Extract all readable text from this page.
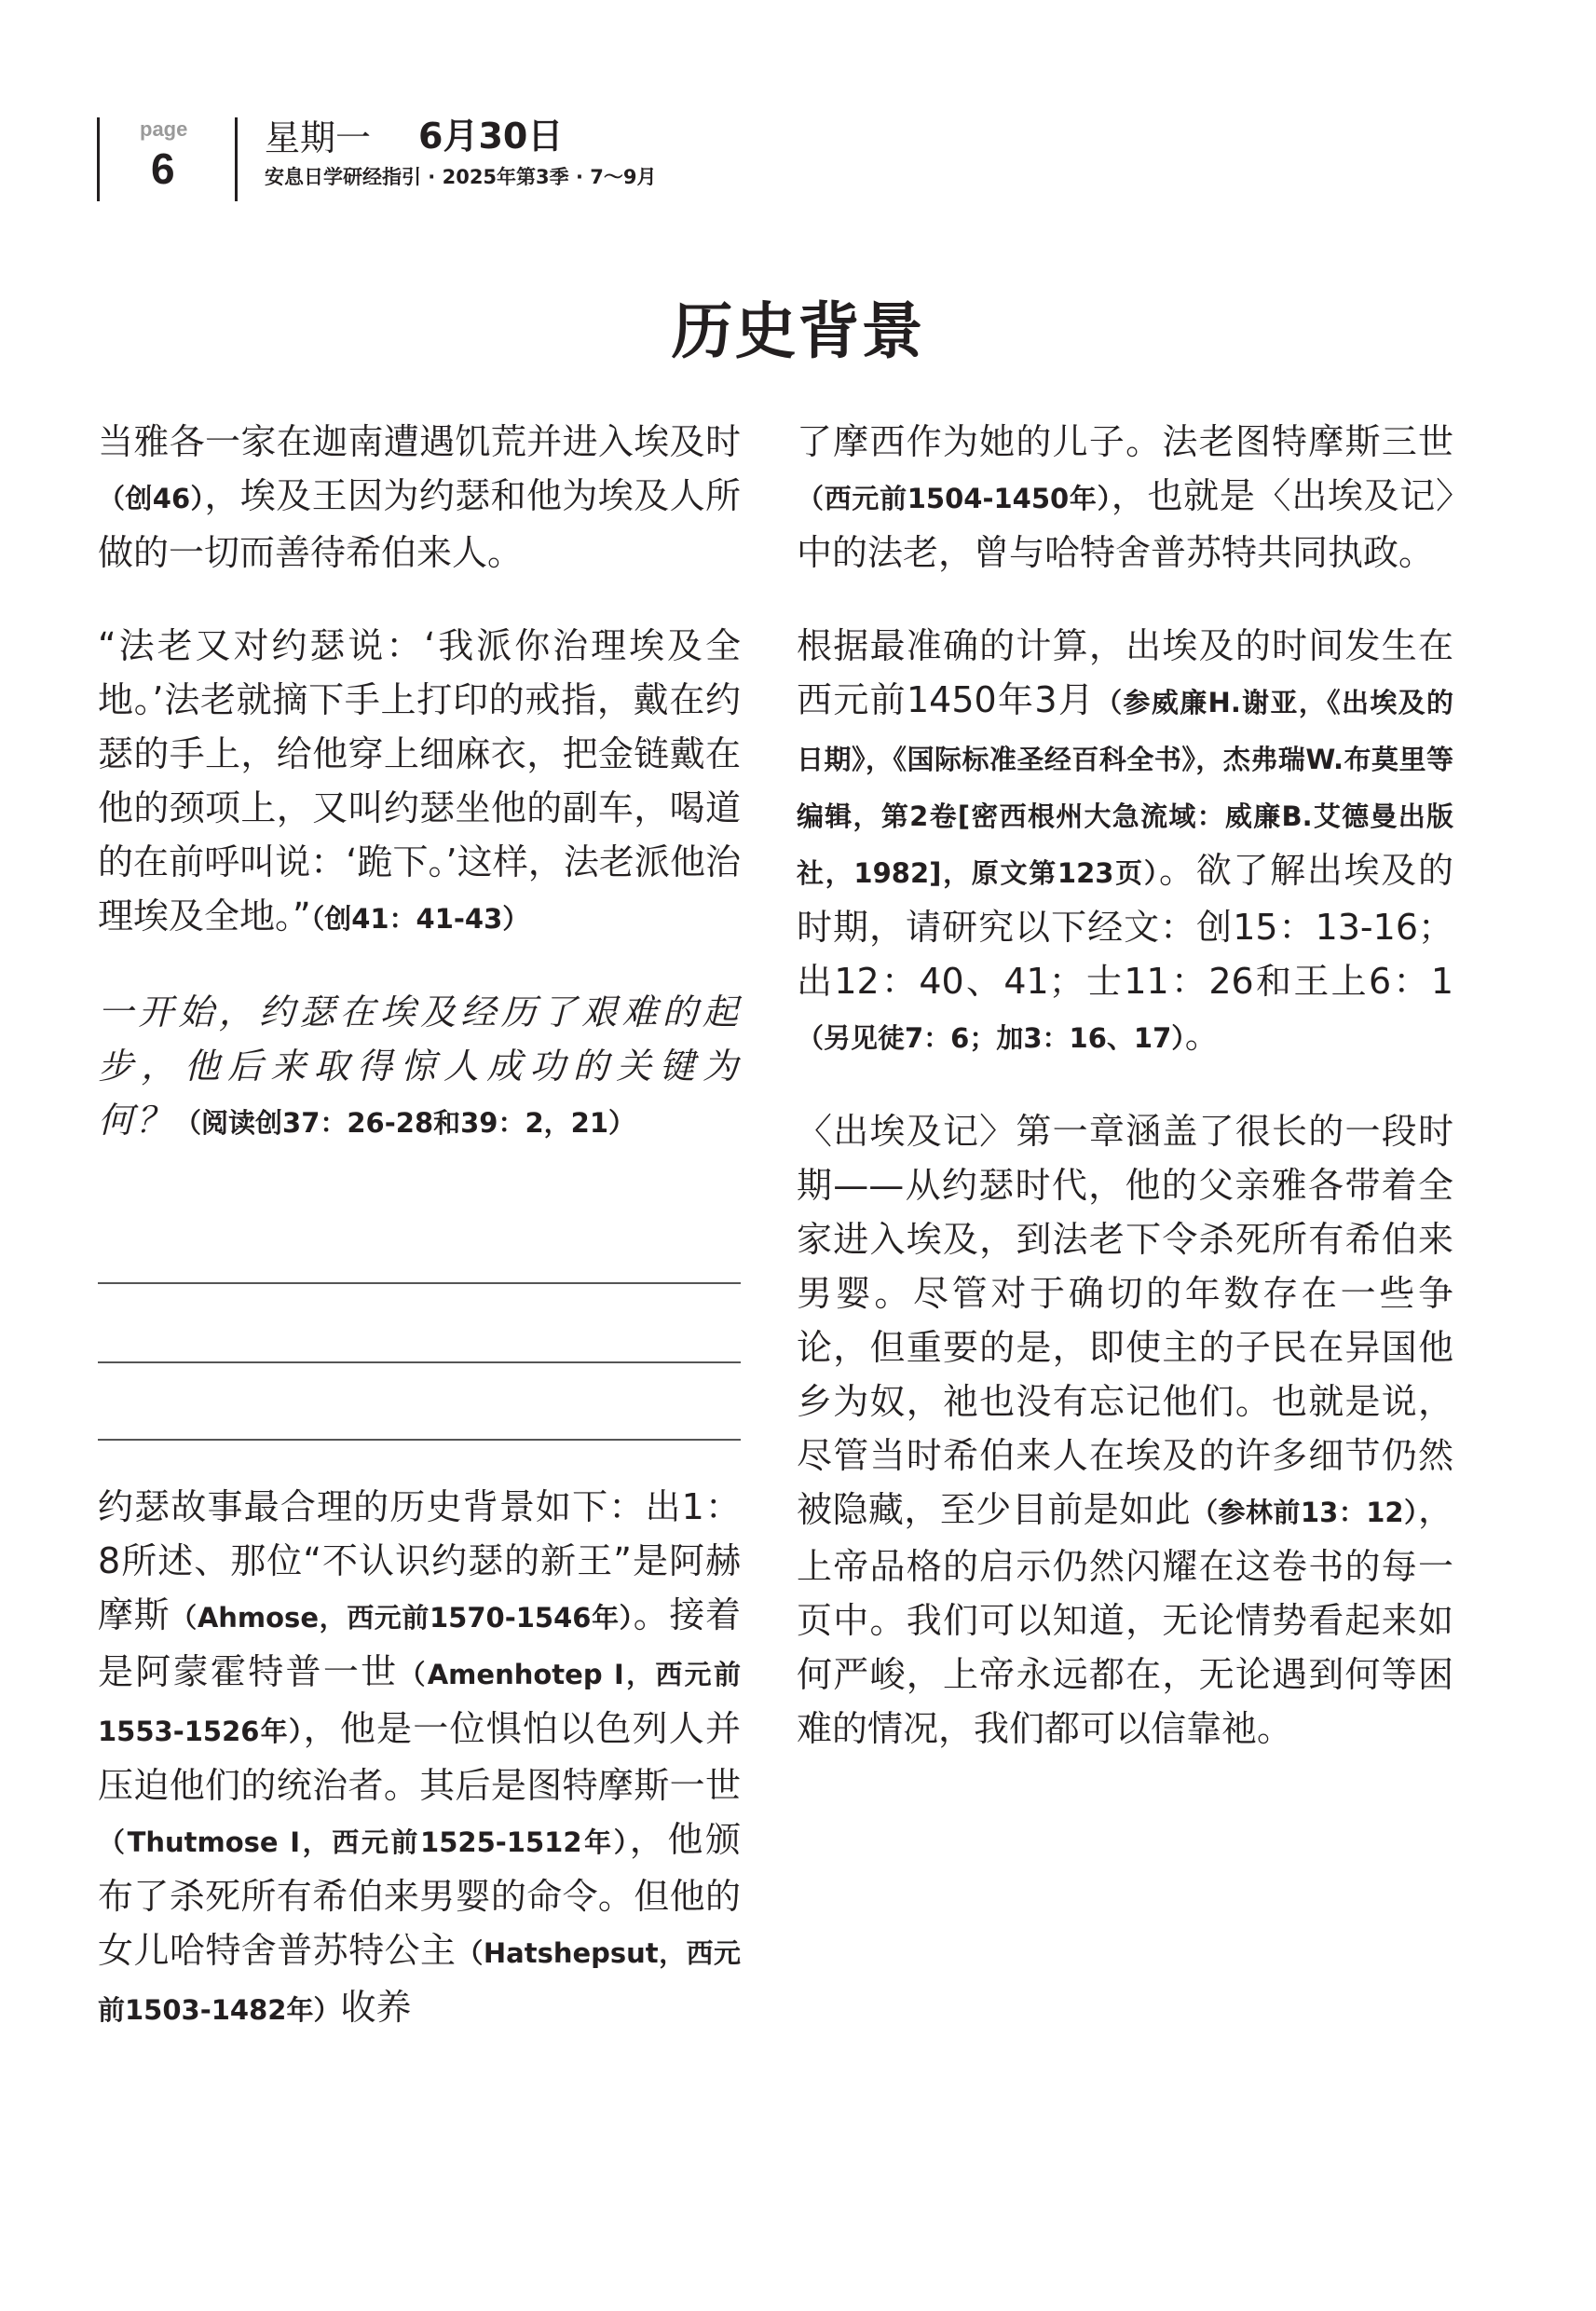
page
6
星期一 6月30日
安息日学研经指引 · 2025年第3季 · 7～9月
历史背景

当雅各一家在迦南遭遇饥荒并进入埃及时（创46），埃及王因为约瑟和他为埃及人所做的一切而善待希伯来人。

“法老又对约瑟说：‘我派你治理埃及全地。’法老就摘下手上打印的戒指，戴在约瑟的手上，给他穿上细麻衣，把金链戴在他的颈项上，又叫约瑟坐他的副车，喝道的在前呼叫说：‘跪下。’这样，法老派他治理埃及全地。”（创41：41-43）

一开始，约瑟在埃及经历了艰难的起步，他后来取得惊人成功的关键为何？（阅读创37：26-28和39：2，21）

约瑟故事最合理的历史背景如下：出1：8所述、那位“不认识约瑟的新王”是阿赫摩斯（Ahmose，西元前1570-1546年）。接着是阿蒙霍特普一世（Amenhotep I，西元前1553-1526年），他是一位惧怕以色列人并压迫他们的统治者。其后是图特摩斯一世（Thutmose I，西元前1525-1512年），他颁布了杀死所有希伯来男婴的命令。但他的女儿哈特舍普苏特公主（Hatshepsut，西元前1503-1482年）收养

了摩西作为她的儿子。法老图特摩斯三世（西元前1504-1450年），也就是〈出埃及记〉中的法老，曾与哈特舍普苏特共同执政。

根据最准确的计算，出埃及的时间发生在西元前1450年3月（参威廉H.谢亚，《出埃及的日期》，《国际标准圣经百科全书》，杰弗瑞W.布莫里等编辑，第2卷[密西根州大急流域：威廉B.艾德曼出版社，1982]，原文第123页）。欲了解出埃及的时期，请研究以下经文：创15：13-16；出12：40、41；士11：26和王上6：1（另见徒7：6；加3：16、17）。

〈出埃及记〉第一章涵盖了很长的一段时期——从约瑟时代，他的父亲雅各带着全家进入埃及，到法老下令杀死所有希伯来男婴。尽管对于确切的年数存在一些争论，但重要的是，即使主的子民在异国他乡为奴，祂也没有忘记他们。也就是说，尽管当时希伯来人在埃及的许多细节仍然被隐藏，至少目前是如此（参林前13：12），上帝品格的启示仍然闪耀在这卷书的每一页中。我们可以知道，无论情势看起来如何严峻，上帝永远都在，无论遇到何等困难的情况，我们都可以信靠祂。
